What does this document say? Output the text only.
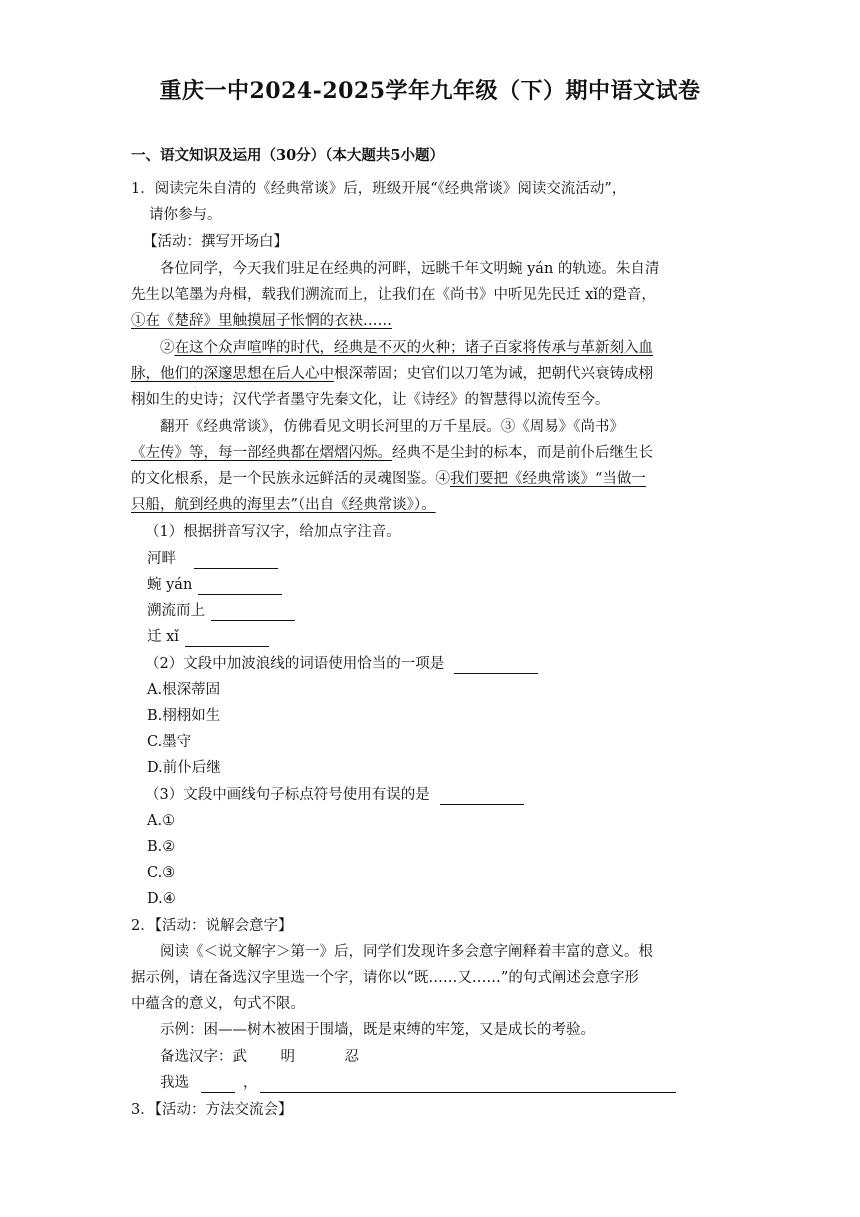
重庆一中2024-2025学年九年级（下）期中语文试卷
一、语文知识及运用（30分）（本大题共5小题）
1．阅读完朱自清的《经典常谈》后，班级开展“《经典常谈》阅读交流活动”，
请你参与。
【活动：撰写开场白】
各位同学，今天我们驻足在经典的河畔，远眺千年文明蜿 yán 的轨迹。朱自清
先生以笔墨为舟楫，载我们溯流而上，让我们在《尚书》中听见先民迁 xǐ的跫音，
①在《楚辞》里触摸屈子怅惘的衣袂……
②在这个众声喧哗的时代，经典是不灭的火种；诸子百家将传承与革新刻入血
脉，他们的深邃思想在后人心中根深蒂固；史官们以刀笔为诫，把朝代兴衰铸成栩
栩如生的史诗；汉代学者墨守先秦文化，让《诗经》的智慧得以流传至今。
翻开《经典常谈》，仿佛看见文明长河里的万千星辰。③《周易》《尚书》
《左传》等，每一部经典都在熠熠闪烁。经典不是尘封的标本，而是前仆后继生长
的文化根系，是一个民族永远鲜活的灵魂图鉴。④我们要把《经典常谈》“当做一
只船，航到经典的海里去”（出自《经典常谈》）。
（1）根据拼音写汉字，给加点字注音。
河畔
蜿 yán
溯流而上
迁 xǐ
（2）文段中加波浪线的词语使用恰当的一项是
A.根深蒂固
B.栩栩如生
C.墨守
D.前仆后继
（3）文段中画线句子标点符号使用有误的是
A.①
B.②
C.③
D.④
2．【活动：说解会意字】
阅读《＜说文解字＞第一》后，同学们发现许多会意字阐释着丰富的意义。根
据示例，请在备选汉字里选一个字，请你以“既……又……”的句式阐述会意字形
中蕴含的意义，句式不限。
示例：困——树木被困于围墙，既是束缚的牢笼，又是成长的考验。
备选汉字：武 明	忍
我选	，
3．【活动：方法交流会】
